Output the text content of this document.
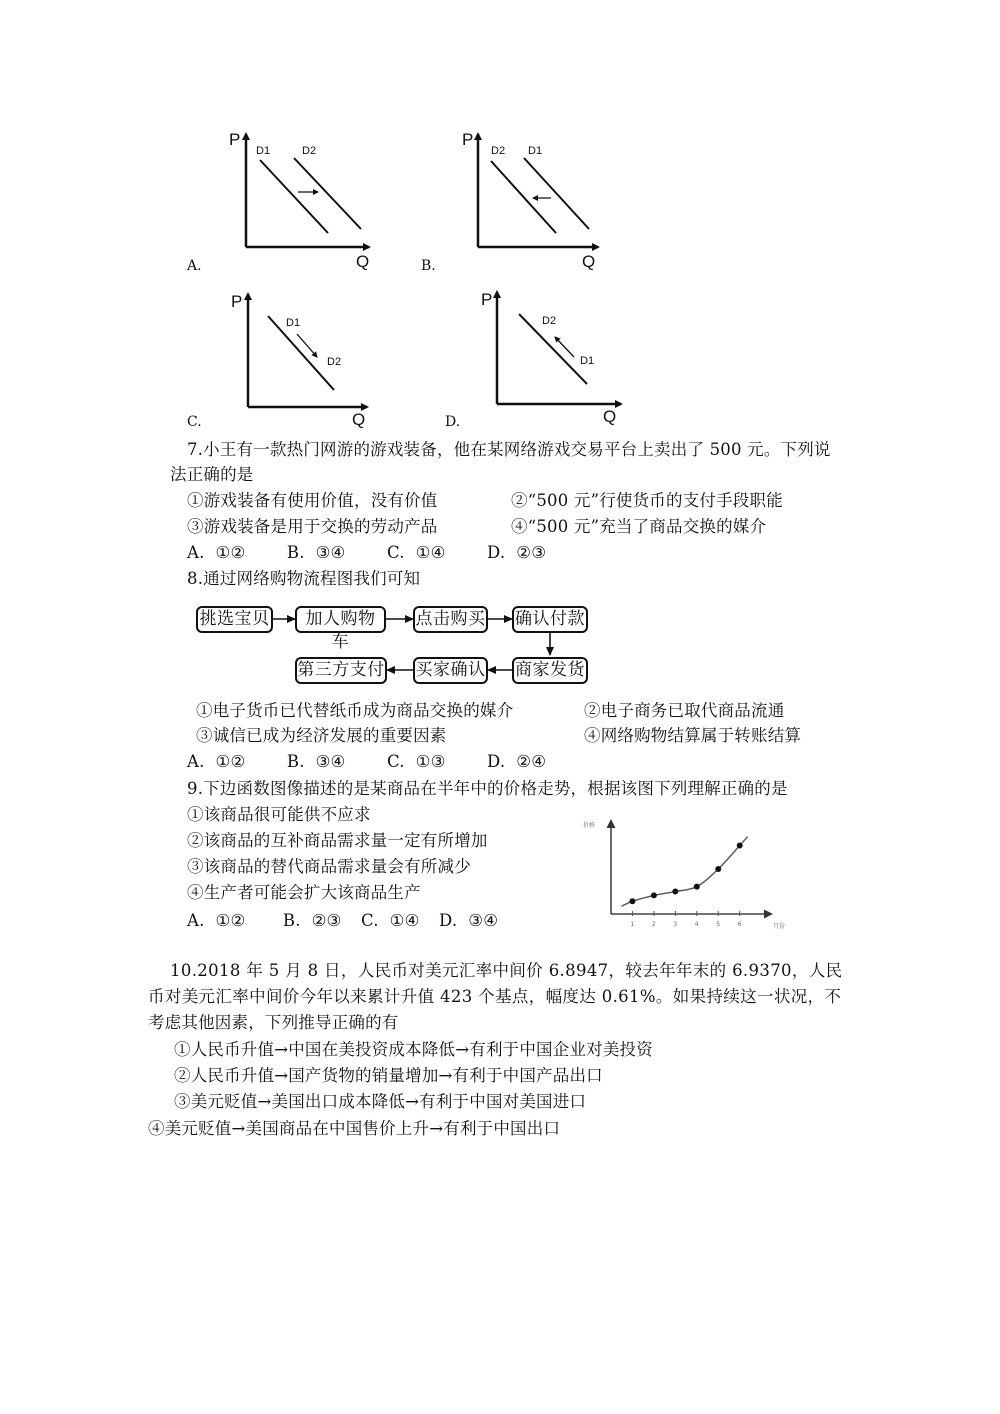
P
Q
D1	D2
A.
P
Q
D2 D1
B.
P
Q
D1
D2
C.
P
Q
D2
D1
D.
7.小王有一款热门网游的游戏装备，他在某网络游戏交易平台上卖出了 500 元。下列说
法正确的是
①游戏装备有使用价值，没有价值	②“500 元”行使货币的支付手段职能
③游戏装备是用于交换的劳动产品	④“500 元”充当了商品交换的媒介
A. ①②	B. ③④	C. ①④	D. ②③
8.通过网络购物流程图我们可知
挑选宝贝	加人购物车
点击购买 确认付款
第三方支付 买家确认 商家发货
①电子货币已代替纸币成为商品交换的媒介	②电子商务已取代商品流通
③诚信已成为经济发展的重要因素	④网络购物结算属于转账结算
A. ①②	B. ③④	C. ①③	D. ②④
9.下边函数图像描述的是某商品在半年中的价格走势，根据该图下列理解正确的是
①该商品很可能供不应求
②该商品的互补商品需求量一定有所增加
③该商品的替代商品需求量会有所减少
④生产者可能会扩大该商品生产
A. ①② B. ②③ C. ①④ D. ③④	1	2	3	4	5	6
价格
月份
10.2018 年 5 月 8 日，人民币对美元汇率中间价 6.8947，较去年年末的 6.9370，人民
币对美元汇率中间价今年以来累计升值 423 个基点，幅度达 0.61%。如果持续这一状况，不
考虑其他因素，下列推导正确的有
①人民币升值→中国在美投资成本降低→有利于中国企业对美投资
②人民币升值→国产货物的销量增加→有利于中国产品出口
③美元贬值→美国出口成本降低→有利于中国对美国进口
④美元贬值→美国商品在中国售价上升→有利于中国出口
